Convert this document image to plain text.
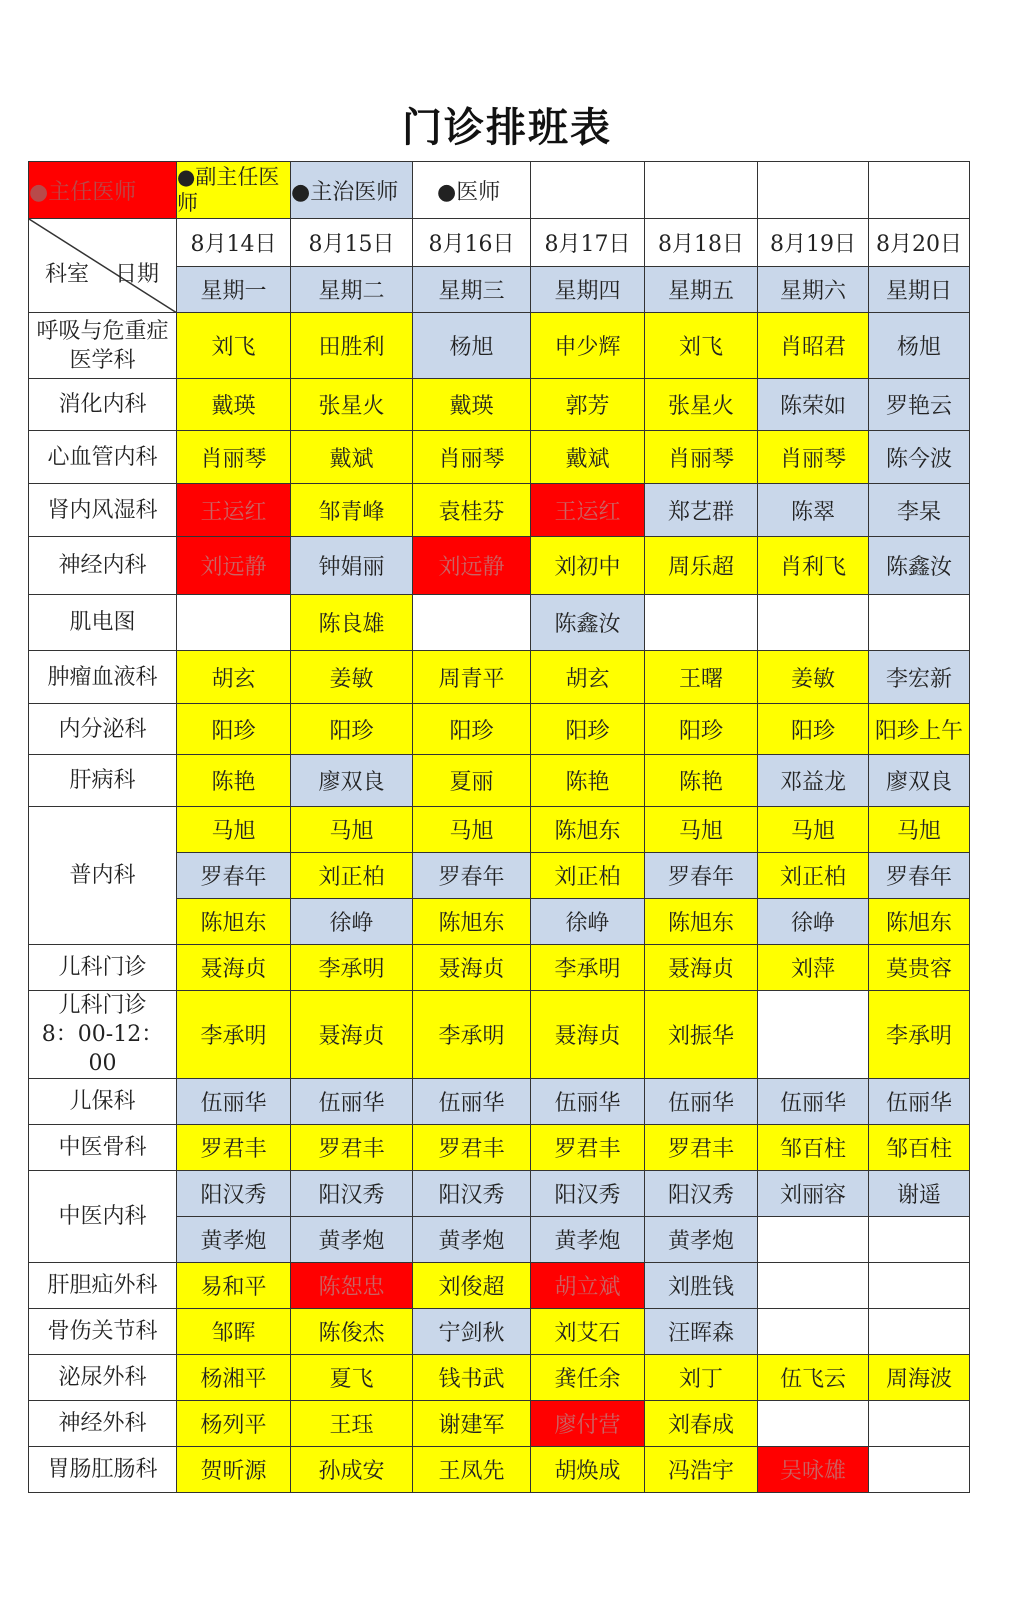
门诊排班表
●主任医师	●副主任医师	●主治医师	●医师				

科室 日期	8月14日	8月15日	8月16日	8月17日	8月18日	8月19日	8月20日
	星期一	星期二	星期三	星期四	星期五	星期六	星期日
呼吸与危重症医学科	刘飞	田胜利	杨旭	申少辉	刘飞	肖昭君	杨旭
消化内科	戴瑛	张星火	戴瑛	郭芳	张星火	陈荣如	罗艳云
心血管内科	肖丽琴	戴斌	肖丽琴	戴斌	肖丽琴	肖丽琴	陈今波
肾内风湿科	王运红	邹青峰	袁桂芬	王运红	郑艺群	陈翠	李杲
神经内科	刘远静	钟娟丽	刘远静	刘初中	周乐超	肖利飞	陈鑫汝
肌电图		陈良雄		陈鑫汝			
肿瘤血液科	胡玄	姜敏	周青平	胡玄	王曙	姜敏	李宏新
内分泌科	阳珍	阳珍	阳珍	阳珍	阳珍	阳珍	阳珍上午
肝病科	陈艳	廖双良	夏丽	陈艳	陈艳	邓益龙	廖双良
普内科	马旭	马旭	马旭	陈旭东	马旭	马旭	马旭
	罗春年	刘正柏	罗春年	刘正柏	罗春年	刘正柏	罗春年
	陈旭东	徐峥	陈旭东	徐峥	陈旭东	徐峥	陈旭东
儿科门诊	聂海贞	李承明	聂海贞	李承明	聂海贞	刘萍	莫贵容
儿科门诊
8：00-12：00	李承明	聂海贞	李承明	聂海贞	刘振华		李承明
儿保科	伍丽华	伍丽华	伍丽华	伍丽华	伍丽华	伍丽华	伍丽华
中医骨科	罗君丰	罗君丰	罗君丰	罗君丰	罗君丰	邹百柱	邹百柱
中医内科	阳汉秀	阳汉秀	阳汉秀	阳汉秀	阳汉秀	刘丽容	谢遥
	黄孝炮	黄孝炮	黄孝炮	黄孝炮	黄孝炮		
肝胆疝外科	易和平	陈恕忠	刘俊超	胡立斌	刘胜钱		
骨伤关节科	邹晖	陈俊杰	宁剑秋	刘艾石	汪晖森		
泌尿外科	杨湘平	夏飞	钱书武	龚任余	刘丁	伍飞云	周海波
神经外科	杨列平	王珏	谢建军	廖付营	刘春成		
胃肠肛肠科	贺昕源	孙成安	王凤先	胡焕成	冯浩宇	吴咏雄	
